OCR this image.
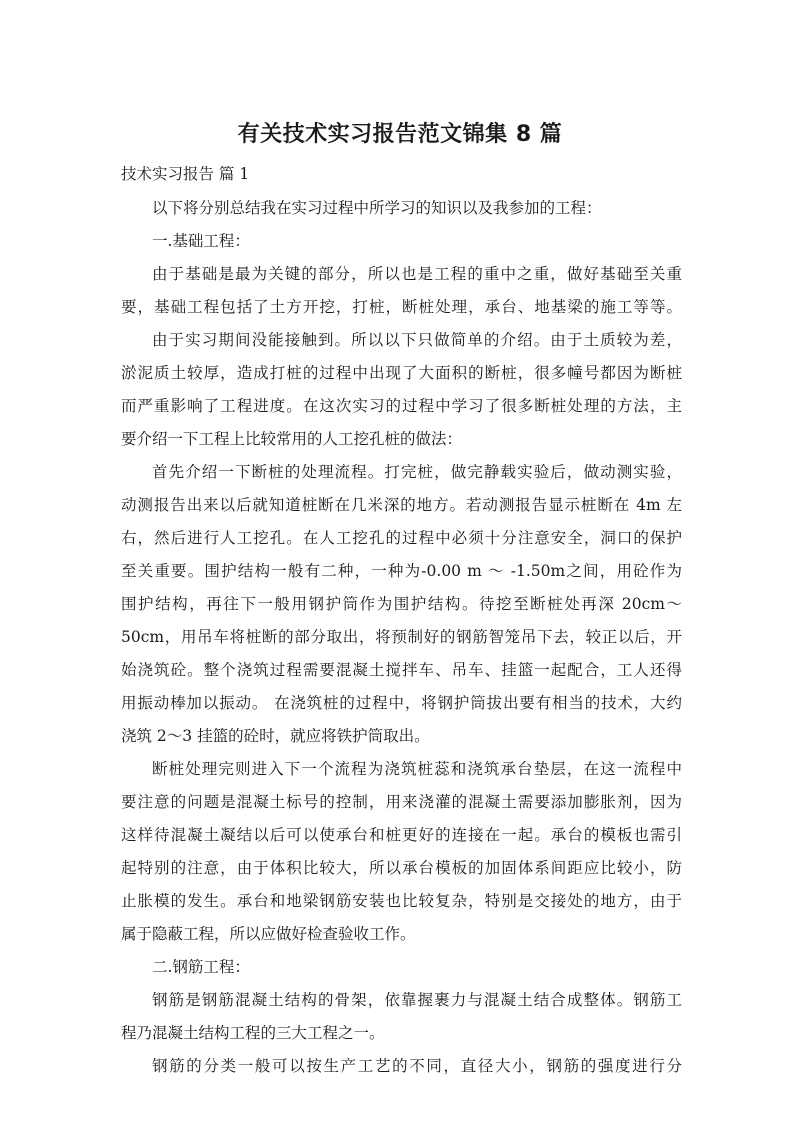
有关技术实习报告范文锦集 8 篇

技术实习报告 篇 1

以下将分别总结我在实习过程中所学习的知识以及我参加的工程：

一.基础工程：

由于基础是最为关键的部分，所以也是工程的重中之重，做好基础至关重

要，基础工程包括了土方开挖，打桩，断桩处理，承台、地基梁的施工等等。

由于实习期间没能接触到。所以以下只做简单的介绍。由于土质较为差，

淤泥质土较厚，造成打桩的过程中出现了大面积的断桩，很多幢号都因为断桩

而严重影响了工程进度。在这次实习的过程中学习了很多断桩处理的方法，主

要介绍一下工程上比较常用的人工挖孔桩的做法：

首先介绍一下断桩的处理流程。打完桩，做完静载实验后，做动测实验，

动测报告出来以后就知道桩断在几米深的地方。若动测报告显示桩断在 4m 左

右，然后进行人工挖孔。在人工挖孔的过程中必须十分注意安全，洞口的保护

至关重要。围护结构一般有二种，一种为-0.00 m ～ -1.50m之间，用砼作为

围护结构，再往下一般用钢护筒作为围护结构。待挖至断桩处再深 20cm～

50cm，用吊车将桩断的部分取出，将预制好的钢筋智笼吊下去，较正以后，开

始浇筑砼。整个浇筑过程需要混凝土搅拌车、吊车、挂篮一起配合，工人还得

用振动棒加以振动。 在浇筑桩的过程中，将钢护筒拔出要有相当的技术，大约

浇筑 2～3 挂篮的砼时，就应将铁护筒取出。

断桩处理完则进入下一个流程为浇筑桩蕊和浇筑承台垫层，在这一流程中

要注意的问题是混凝土标号的控制，用来浇灌的混凝土需要添加膨胀剂，因为

这样待混凝土凝结以后可以使承台和桩更好的连接在一起。承台的模板也需引

起特别的注意，由于体积比较大，所以承台模板的加固体系间距应比较小，防

止胀模的发生。承台和地梁钢筋安装也比较复杂，特别是交接处的地方，由于

属于隐蔽工程，所以应做好检查验收工作。

二.钢筋工程：

钢筋是钢筋混凝土结构的骨架，依靠握裹力与混凝土结合成整体。钢筋工

程乃混凝土结构工程的三大工程之一。

钢筋的分类一般可以按生产工艺的不同，直径大小，钢筋的强度进行分
